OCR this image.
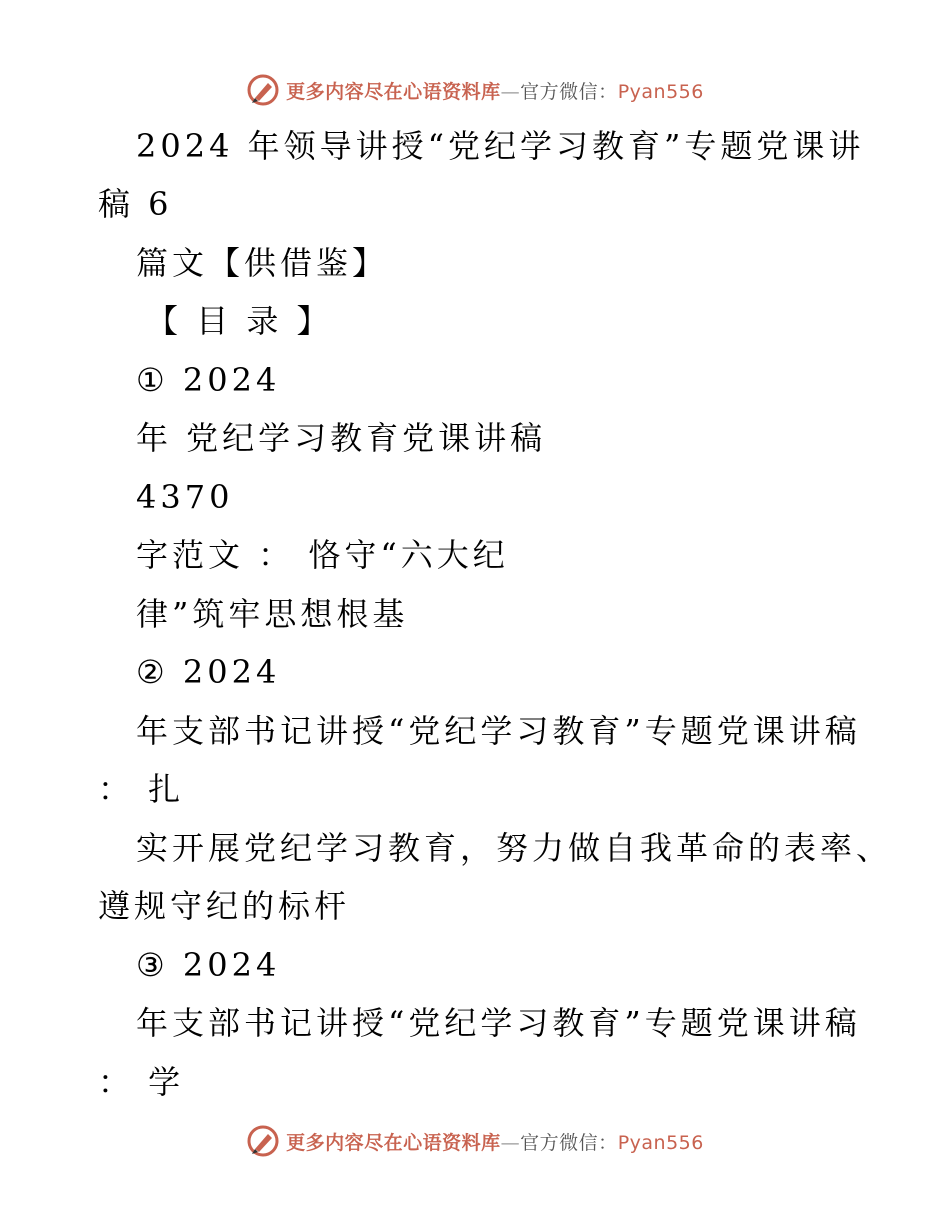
更多内容尽在心语资料库—官方微信：Pyan556
2024 年领导讲授“党纪学习教育”专题党课讲
稿 6
篇文【供借鉴】
【 目 录 】
① 2024
年 党纪学习教育党课讲稿
4370
字范文 ： 恪守“六大纪
律”筑牢思想根基
② 2024
年支部书记讲授“党纪学习教育”专题党课讲稿
： 扎
实开展党纪学习教育，努力做自我革命的表率、
遵规守纪的标杆
③ 2024
年支部书记讲授“党纪学习教育”专题党课讲稿
： 学
更多内容尽在心语资料库—官方微信：Pyan556
